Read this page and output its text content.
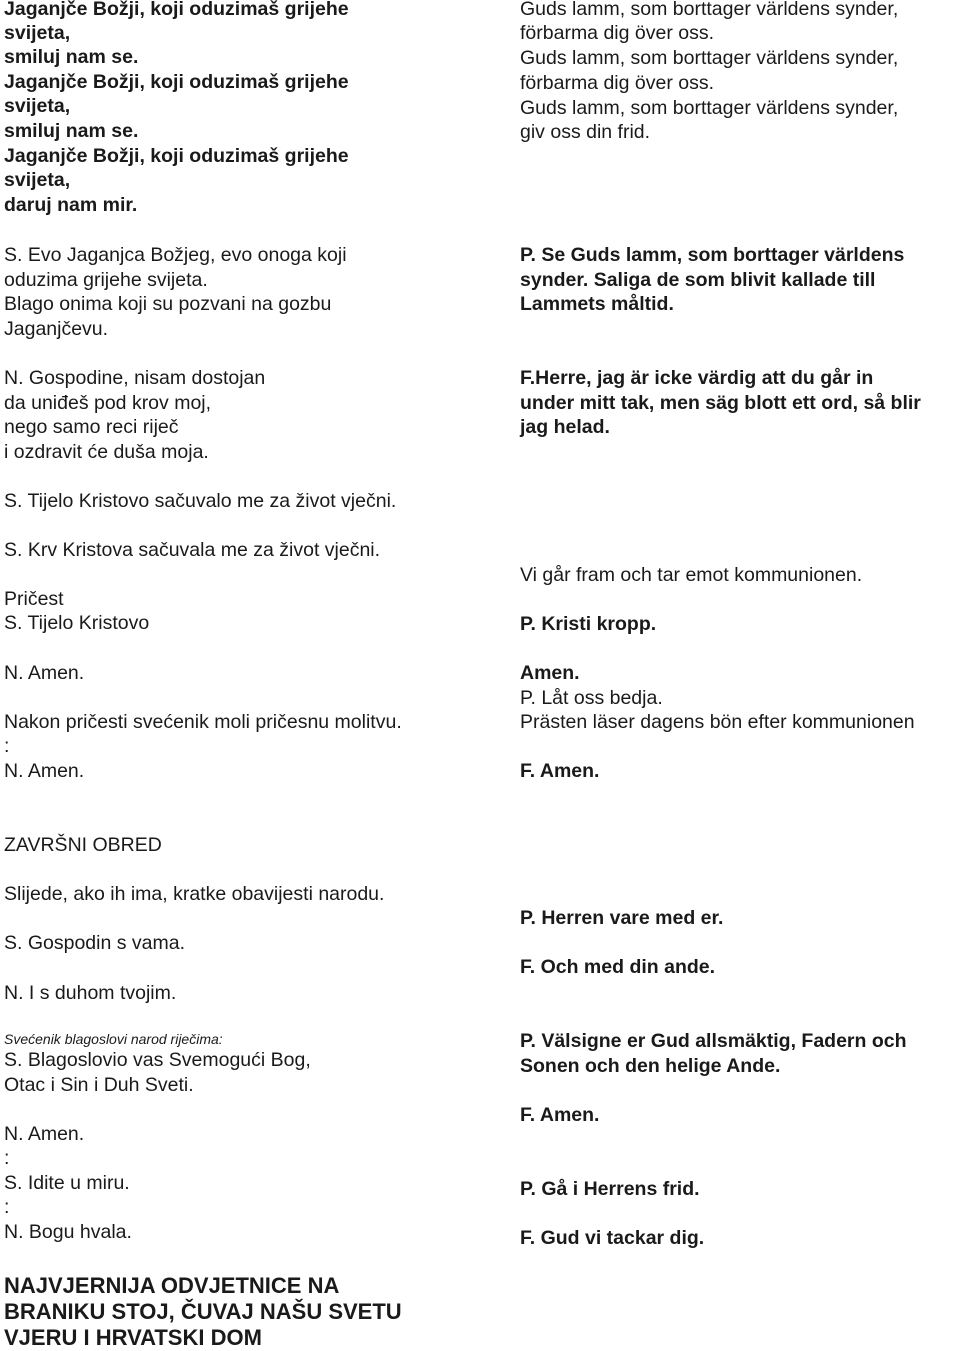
Jaganjče Božji, koji oduzimaš grijehe
svijeta,
smiluj nam se.
Jaganjče Božji, koji oduzimaš grijehe
svijeta,
smiluj nam se.
Jaganjče Božji, koji oduzimaš grijehe
svijeta,
daruj nam mir.
S. Evo Jaganjca Božjeg, evo onoga koji
oduzima grijehe svijeta.
Blago onima koji su pozvani na gozbu
Jaganjčevu.
N. Gospodine, nisam dostojan
da uniđeš pod krov moj,
nego samo reci riječ
i ozdravit će duša moja.
S. Tijelo Kristovo sačuvalo me za život vječni.
S. Krv Kristova sačuvala me za život vječni.
Pričest
S. Tijelo Kristovo
N. Amen.
Nakon pričesti svećenik moli pričesnu molitvu.
:
N. Amen.
ZAVRŠNI OBRED
Slijede, ako ih ima, kratke obavijesti narodu.
S. Gospodin s vama.
N. I s duhom tvojim.
Svećenik blagoslovi narod riječima:
S. Blagoslovio vas Svemogući Bog,
Otac i Sin i Duh Sveti.
N. Amen.
:
S. Idite u miru.
:
N. Bogu hvala.
NAJVJERNIJA ODVJETNICE NA
BRANIKU STOJ, ČUVAJ NAŠU SVETU
VJERU I HRVATSKI DOM
Guds lamm, som borttager världens synder,
förbarma dig över oss.
Guds lamm, som borttager världens synder,
förbarma dig över oss.
Guds lamm, som borttager världens synder,
giv oss din frid.
P. Se Guds lamm, som borttager världens
synder. Saliga de som blivit kallade till
Lammets måltid.
F.Herre, jag är icke värdig att du går in
under mitt tak, men säg blott ett ord, så blir
jag helad.
Vi går fram och tar emot kommunionen.
P. Kristi kropp.
Amen.
P. Låt oss bedja.
Prästen läser dagens bön efter kommunionen
F. Amen.
P. Herren vare med er.
F. Och med din ande.
P. Välsigne er Gud allsmäktig, Fadern och
Sonen och den helige Ande.
F. Amen.
P. Gå i Herrens frid.
F. Gud vi tackar dig.
